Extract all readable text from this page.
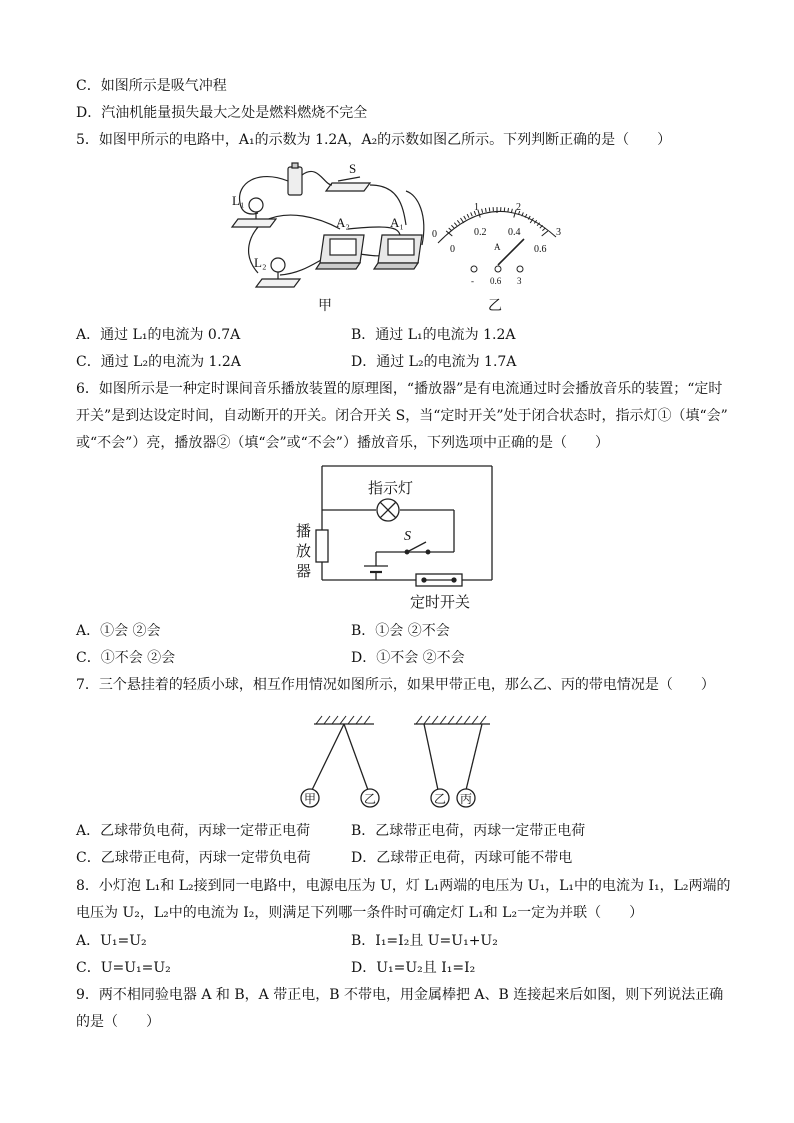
C．如图所示是吸气冲程
D．汽油机能量损失最大之处是燃料燃烧不完全
5．如图甲所示的电路中，A₁的示数为 1.2A，A₂的示数如图乙所示。下列判断正确的是（　　）
S
L₁
L₂
A₂	A₁
甲
0
1	2
3
0
0.2 0.4
0.6
A
- 0.6 3
乙
A．通过 L₁的电流为 0.7A	B．通过 L₁的电流为 1.2A
C．通过 L₂的电流为 1.2A	D．通过 L₂的电流为 1.7A
6．如图所示是一种定时课间音乐播放装置的原理图，“播放器”是有电流通过时会播放音乐的装置；“定时
开关”是到达设定时间，自动断开的开关。闭合开关 S，当“定时开关”处于闭合状态时，指示灯①（填“会”
或“不会”）亮，播放器②（填“会”或“不会”）播放音乐，下列选项中正确的是（　　）
指示灯
播
放
器
S
定时开关
A．①会 ②会	B．①会 ②不会
C．①不会 ②会	D．①不会 ②不会
7．三个悬挂着的轻质小球，相互作用情况如图所示，如果甲带正电，那么乙、丙的带电情况是（　　）
甲	乙	乙 丙
A．乙球带负电荷，丙球一定带正电荷	B．乙球带正电荷，丙球一定带正电荷
C．乙球带正电荷，丙球一定带负电荷	D．乙球带正电荷，丙球可能不带电
8．小灯泡 L₁和 L₂接到同一电路中，电源电压为 U，灯 L₁两端的电压为 U₁，L₁中的电流为 I₁，L₂两端的
电压为 U₂，L₂中的电流为 I₂，则满足下列哪一条件时可确定灯 L₁和 L₂一定为并联（　　）
A．U₁=U₂	B．I₁=I₂且 U=U₁+U₂
C．U=U₁=U₂	D．U₁=U₂且 I₁=I₂
9．两不相同验电器 A 和 B，A 带正电，B 不带电，用金属棒把 A、B 连接起来后如图，则下列说法正确
的是（　　）
